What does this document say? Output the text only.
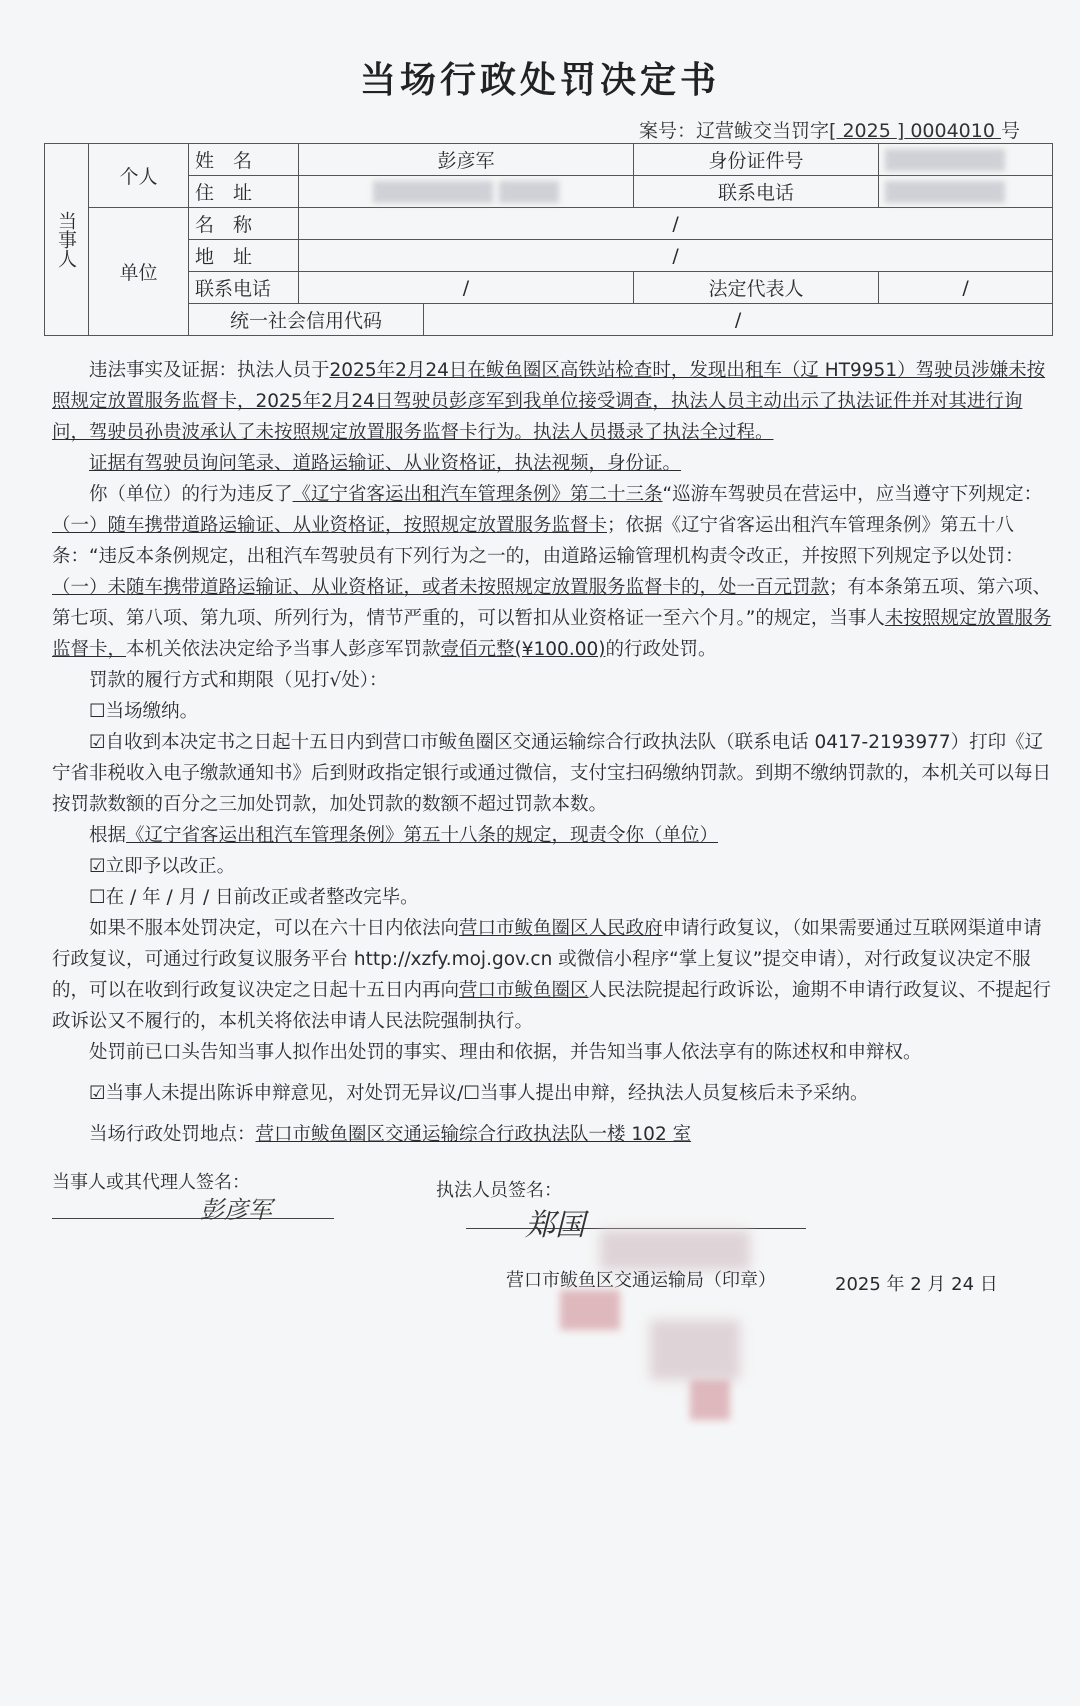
当场行政处罚决定书
案号：辽营鲅交当罚字[ 2025 ] 0004010 号
当事人	个人	姓　名	彭彦军		身份证件号	
		住　址			联系电话	
	单位	名　称	/			
		地　址	/			
		联系电话	/		法定代表人	/
		统一社会信用代码		/		

违法事实及证据：执法人员于2025年2月24日在鲅鱼圈区高铁站检查时，发现出租车（辽 HT9951）驾驶员涉嫌未按照规定放置服务监督卡，2025年2月24日驾驶员彭彦军到我单位接受调查，执法人员主动出示了执法证件并对其进行询问，驾驶员孙贵波承认了未按照规定放置服务监督卡行为。执法人员摄录了执法全过程。

证据有驾驶员询问笔录、道路运输证、从业资格证，执法视频，身份证。

你（单位）的行为违反了《辽宁省客运出租汽车管理条例》第二十三条“巡游车驾驶员在营运中，应当遵守下列规定：（一）随车携带道路运输证、从业资格证，按照规定放置服务监督卡；依据《辽宁省客运出租汽车管理条例》第五十八条：“违反本条例规定，出租汽车驾驶员有下列行为之一的，由道路运输管理机构责令改正，并按照下列规定予以处罚：（一）未随车携带道路运输证、从业资格证，或者未按照规定放置服务监督卡的，处一百元罚款；有本条第五项、第六项、第七项、第八项、第九项、所列行为，情节严重的，可以暂扣从业资格证一至六个月。”的规定，当事人未按照规定放置服务监督卡，本机关依法决定给予当事人彭彦军罚款壹佰元整(¥100.00)的行政处罚。

罚款的履行方式和期限（见打√处）：

☐当场缴纳。

☑自收到本决定书之日起十五日内到营口市鲅鱼圈区交通运输综合行政执法队（联系电话 0417-2193977）打印《辽宁省非税收入电子缴款通知书》后到财政指定银行或通过微信，支付宝扫码缴纳罚款。到期不缴纳罚款的，本机关可以每日按罚款数额的百分之三加处罚款，加处罚款的数额不超过罚款本数。

根据《辽宁省客运出租汽车管理条例》第五十八条的规定，现责令你（单位）

☑立即予以改正。

☐在 / 年 / 月 / 日前改正或者整改完毕。

如果不服本处罚决定，可以在六十日内依法向营口市鲅鱼圈区人民政府申请行政复议，（如果需要通过互联网渠道申请行政复议，可通过行政复议服务平台 http://xzfy.moj.gov.cn 或微信小程序“掌上复议”提交申请），对行政复议决定不服的，可以在收到行政复议决定之日起十五日内再向营口市鲅鱼圈区人民法院提起行政诉讼，逾期不申请行政复议、不提起行政诉讼又不履行的，本机关将依法申请人民法院强制执行。

处罚前已口头告知当事人拟作出处罚的事实、理由和依据，并告知当事人依法享有的陈述权和申辩权。

☑当事人未提出陈诉申辩意见，对处罚无异议/☐当事人提出申辩，经执法人员复核后未予采纳。

当场行政处罚地点：营口市鲅鱼圈区交通运输综合行政执法队一楼 102 室

当事人或其代理人签名：
彭彦军
执法人员签名：
郑国
营口市鲅鱼区交通运输局（印章）	2025 年 2 月 24 日
